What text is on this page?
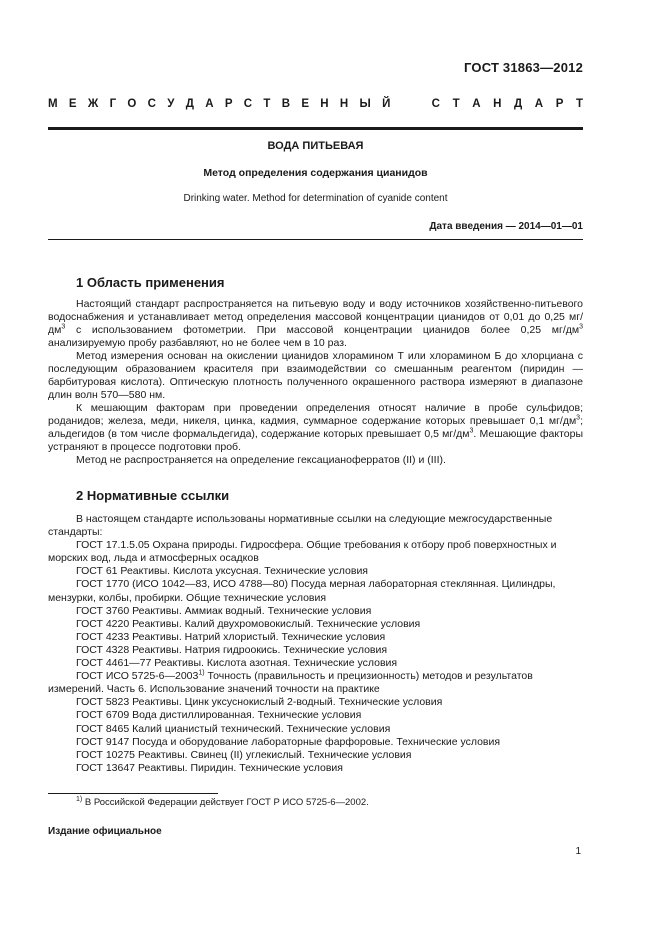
ГОСТ 31863—2012
М Е Ж Г О С У Д А Р С Т В Е Н Н Ы Й	С Т А Н Д А Р Т
ВОДА ПИТЬЕВАЯ
Метод определения содержания цианидов
Drinking water. Method for determination of cyanide content
Дата введения — 2014—01—01
1 Область применения

Настоящий стандарт распространяется на питьевую воду и воду источников хозяйственно-питьевого водоснабжения и устанавливает метод определения массовой концентрации цианидов от 0,01 до 0,25 $мг/дм^3$ с использованием фотометрии. При массовой концентрации цианидов более 0,25 $мг/дм^3$ анализируемую пробу разбавляют, но не более чем в 10 раз.

Метод измерения основан на окислении цианидов хлорамином Т или хлорамином Б до хлорциана с последующим образованием красителя при взаимодействии со смешанным реагентом (пиридин — барбитуровая кислота). Оптическую плотность полученного окрашенного раствора измеряют в диапазоне длин волн 570—580 нм.

К мешающим факторам при проведении определения относят наличие в пробе сульфидов; роданидов; железа, меди, никеля, цинка, кадмия, суммарное содержание которых превышает 0,1 $мг/дм^3$; альдегидов (в том числе формальдегида), содержание которых превышает 0,5 $мг/дм^3$. Мешающие факторы устраняют в процессе подготовки проб.

Метод не распространяется на определение гексацианоферратов (II) и (III).

2 Нормативные ссылки
В настоящем стандарте использованы нормативные ссылки на следующие межгосударственные стандарты:
ГОСТ 17.1.5.05 Охрана природы. Гидросфера. Общие требования к отбору проб поверхностных и морских вод, льда и атмосферных осадков
ГОСТ 61 Реактивы. Кислота уксусная. Технические условия
ГОСТ 1770 (ИСО 1042—83, ИСО 4788—80) Посуда мерная лабораторная стеклянная. Цилиндры, мензурки, колбы, пробирки. Общие технические условия
ГОСТ 3760 Реактивы. Аммиак водный. Технические условия
ГОСТ 4220 Реактивы. Калий двухромовокислый. Технические условия
ГОСТ 4233 Реактивы. Натрий хлористый. Технические условия
ГОСТ 4328 Реактивы. Натрия гидроокись. Технические условия
ГОСТ 4461—77 Реактивы. Кислота азотная. Технические условия
ГОСТ ИСО 5725-6—2003$^{1)}$ Точность (правильность и прецизионность) методов и результатов измерений. Часть 6. Использование значений точности на практике
ГОСТ 5823 Реактивы. Цинк уксуснокислый 2-водный. Технические условия
ГОСТ 6709 Вода дистиллированная. Технические условия
ГОСТ 8465 Калий цианистый технический. Технические условия
ГОСТ 9147 Посуда и оборудование лабораторные фарфоровые. Технические условия
ГОСТ 10275 Реактивы. Свинец (II) углекислый. Технические условия
ГОСТ 13647 Реактивы. Пиридин. Технические условия
$^{1)}$ В Российской Федерации действует ГОСТ Р ИСО 5725-6—2002.
Издание официальное
1
